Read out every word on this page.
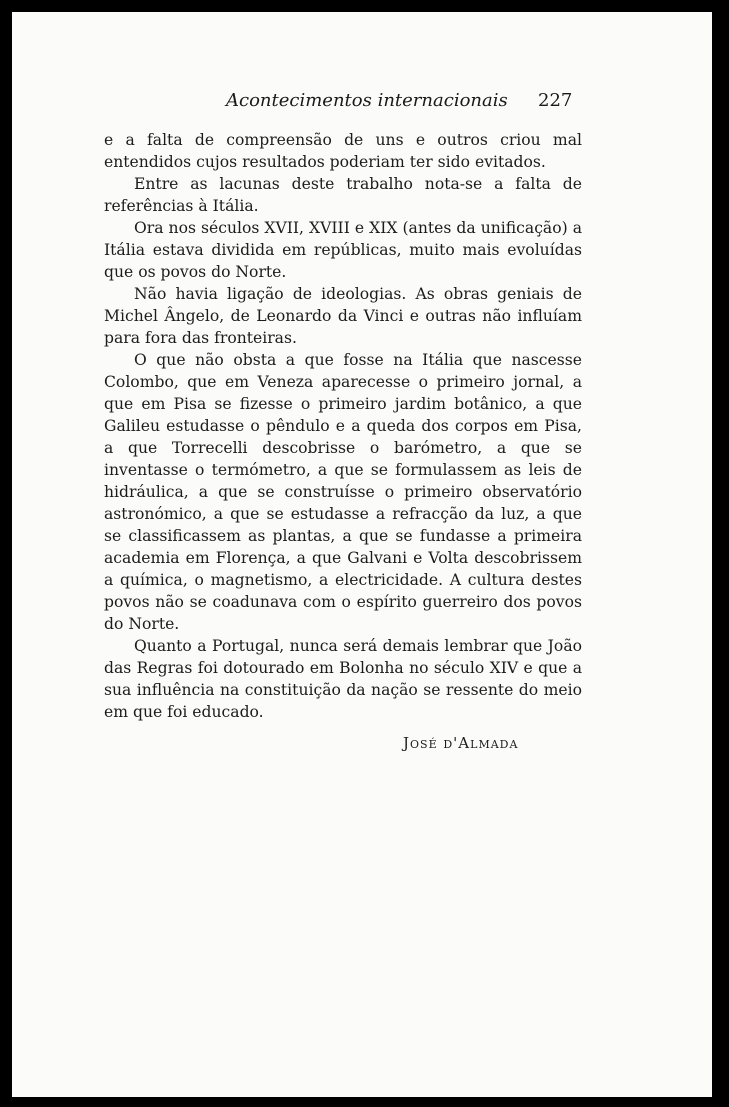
Acontecimentos internacionais 227

e a falta de compreensão de uns e outros criou mal entendidos cujos resultados poderiam ter sido evitados.

Entre as lacunas deste trabalho nota-se a falta de referências à Itália.

Ora nos séculos XVII, XVIII e XIX (antes da unificação) a Itália estava dividida em repúblicas, muito mais evoluídas que os povos do Norte.

Não havia ligação de ideologias. As obras geniais de Michel Ângelo, de Leonardo da Vinci e outras não influíam para fora das fronteiras.

O que não obsta a que fosse na Itália que nascesse Colombo, que em Veneza aparecesse o primeiro jornal, a que em Pisa se fizesse o primeiro jardim botânico, a que Galileu estudasse o pêndulo e a queda dos corpos em Pisa, a que Torrecelli descobrisse o barómetro, a que se inventasse o termómetro, a que se formulassem as leis de hidráulica, a que se construísse o primeiro observatório astronómico, a que se estudasse a refracção da luz, a que se classificassem as plantas, a que se fundasse a primeira academia em Florença, a que Galvani e Volta descobrissem a química, o magnetismo, a electricidade. A cultura destes povos não se coadunava com o espírito guerreiro dos povos do Norte.

Quanto a Portugal, nunca será demais lembrar que João das Regras foi dotourado em Bolonha no século XIV e que a sua influência na constituição da nação se ressente do meio em que foi educado.

José d'Almada
